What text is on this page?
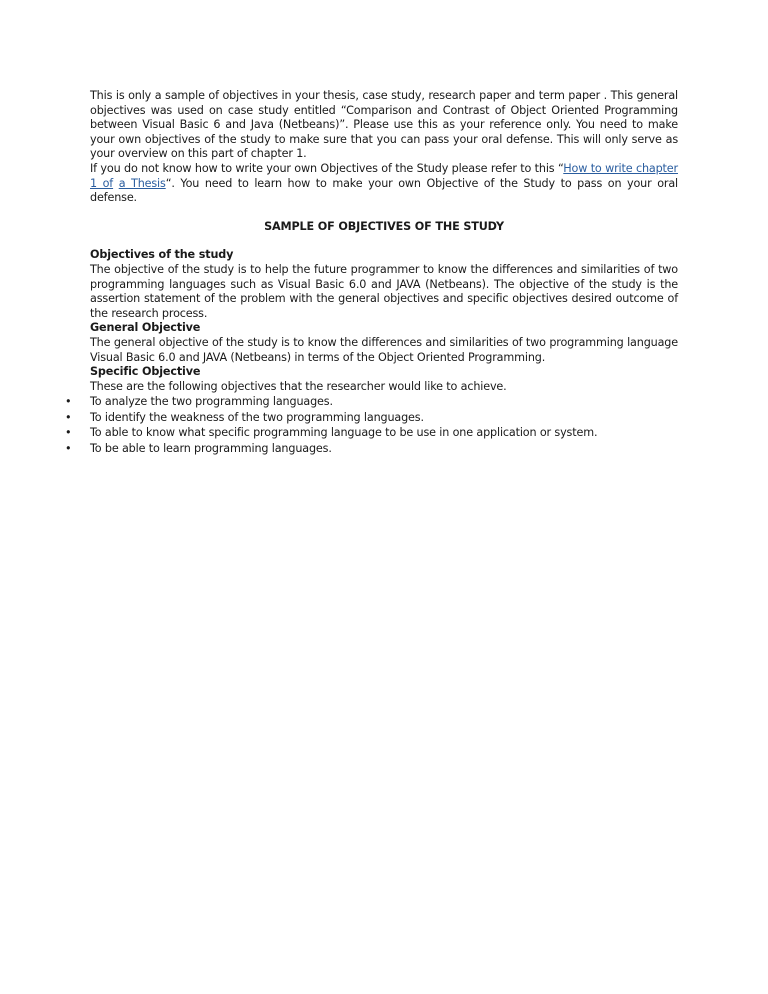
This is only a sample of objectives in your thesis, case study, research paper and term paper . This general objectives was used on case study entitled “Comparison and Contrast of Object Oriented Programming between Visual Basic 6 and Java (Netbeans)”. Please use this as your reference only. You need to make your own objectives of the study to make sure that you can pass your oral defense. This will only serve as your overview on this part of chapter 1.

If you do not know how to write your own Objectives of the Study please refer to this “How to write chapter 1 of a Thesis“. You need to learn how to make your own Objective of the Study to pass on your oral defense.

SAMPLE OF OBJECTIVES OF THE STUDY

Objectives of the study

The objective of the study is to help the future programmer to know the differences and similarities of two programming languages such as Visual Basic 6.0 and JAVA (Netbeans). The objective of the study is the assertion statement of the problem with the general objectives and specific objectives desired outcome of the research process.

General Objective

The general objective of the study is to know the differences and similarities of two programming language Visual Basic 6.0 and JAVA (Netbeans) in terms of the Object Oriented Programming.

Specific Objective

These are the following objectives that the researcher would like to achieve.

• To analyze the two programming languages.
• To identify the weakness of the two programming languages.
• To able to know what specific programming language to be use in one application or system.
• To be able to learn programming languages.
